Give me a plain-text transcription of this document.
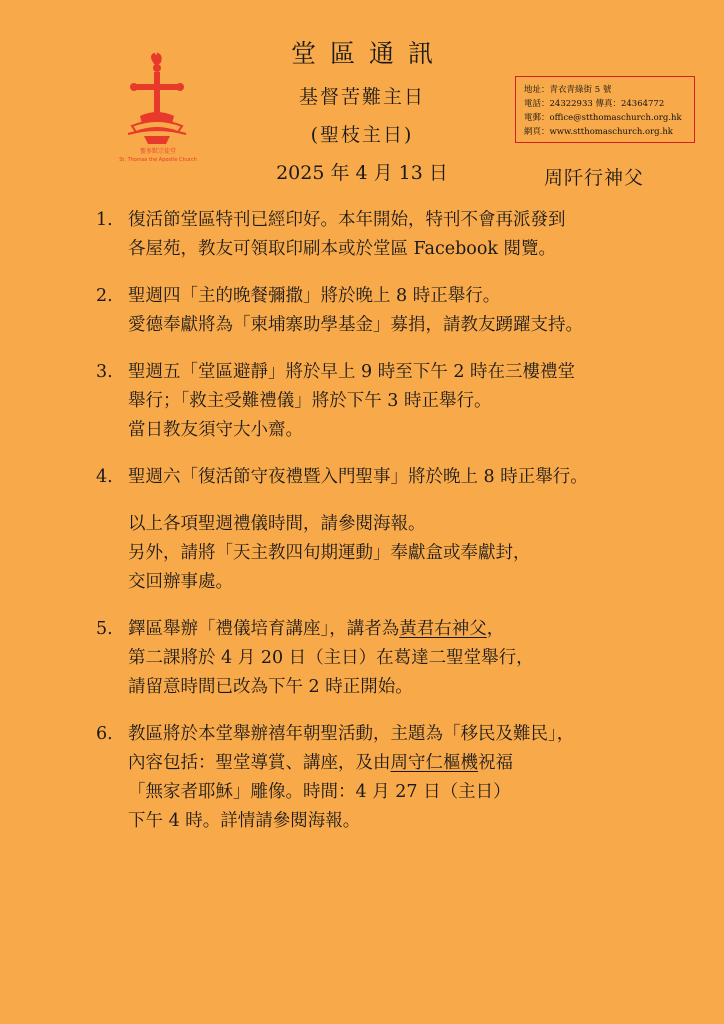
堂區通訊
基督苦難主日
(聖枝主日)
2025 年 4 月 13 日	周阡行神父
聖多默宗徒堂
St. Thomas the Apostle Church
地址：青衣青綠街 5 號
電話：24322933 傳真：24364772
電郵：office@stthomaschurch.org.hk
網頁：www.stthomaschurch.org.hk
1. 復活節堂區特刊已經印好。本年開始，特刊不會再派發到
各屋苑，教友可領取印刷本或於堂區 Facebook 閱覽。
2. 聖週四「主的晚餐彌撒」將於晚上 8 時正舉行。
愛德奉獻將為「柬埔寨助學基金」募捐，請教友踴躍支持。
3. 聖週五「堂區避靜」將於早上 9 時至下午 2 時在三樓禮堂
舉行；「救主受難禮儀」將於下午 3 時正舉行。
當日教友須守大小齋。
4. 聖週六「復活節守夜禮暨入門聖事」將於晚上 8 時正舉行。
以上各項聖週禮儀時間，請參閱海報。
另外，請將「天主教四旬期運動」奉獻盒或奉獻封，
交回辦事處。
5. 鐸區舉辦「禮儀培育講座」，講者為黃君右神父，
第二課將於 4 月 20 日（主日）在葛達二聖堂舉行，
請留意時間已改為下午 2 時正開始。
6. 教區將於本堂舉辦禧年朝聖活動，主題為「移民及難民」，
內容包括：聖堂導賞、講座，及由周守仁樞機祝福
「無家者耶穌」雕像。時間：4 月 27 日（主日）
下午 4 時。詳情請參閱海報。
